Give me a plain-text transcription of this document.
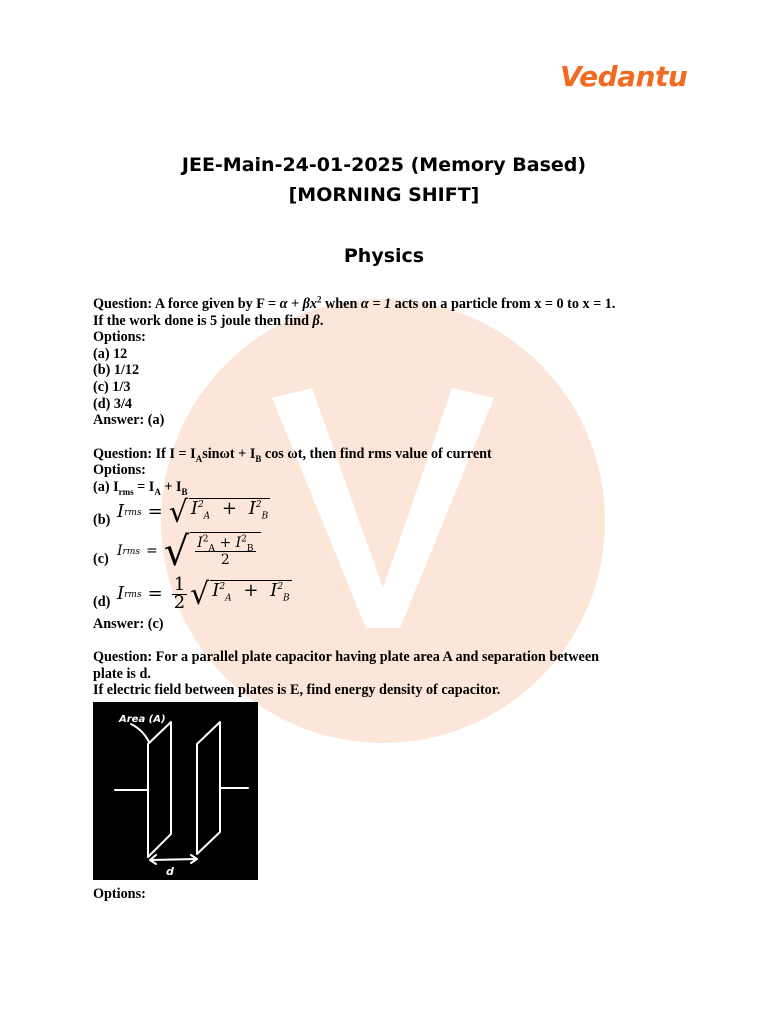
Vedantu
JEE-Main-24-01-2025 (Memory Based)
[MORNING SHIFT]
Physics
Question: A force given by $F = \alpha + \beta x^2$ when α = 1 acts on a particle from x = 0 to x = 1.
If the work done is 5 joule then find β.
Options:
(a) 12
(b) 1/12
(c) 1/3
(d) 3/4
Answer: (a)
Question: If $I = I_A\sin\omega t + I_B$ cos ωt, then find rms value of current
Options:
(a) $I_{rms} = I_A + I_B$
(b) I rms = √ $I^2_A + I^2_B$
(c) I rms = √ $\frac{I^2_A + I^2_B}{2}$
(d) I rms = $\frac{1}{2}$ √ $I^2_A + I^2_B$
Answer: (c)
Question: For a parallel plate capacitor having plate area A and separation between
plate is d.
If electric field between plates is E, find energy density of capacitor.
Area (A)
d
Options:
